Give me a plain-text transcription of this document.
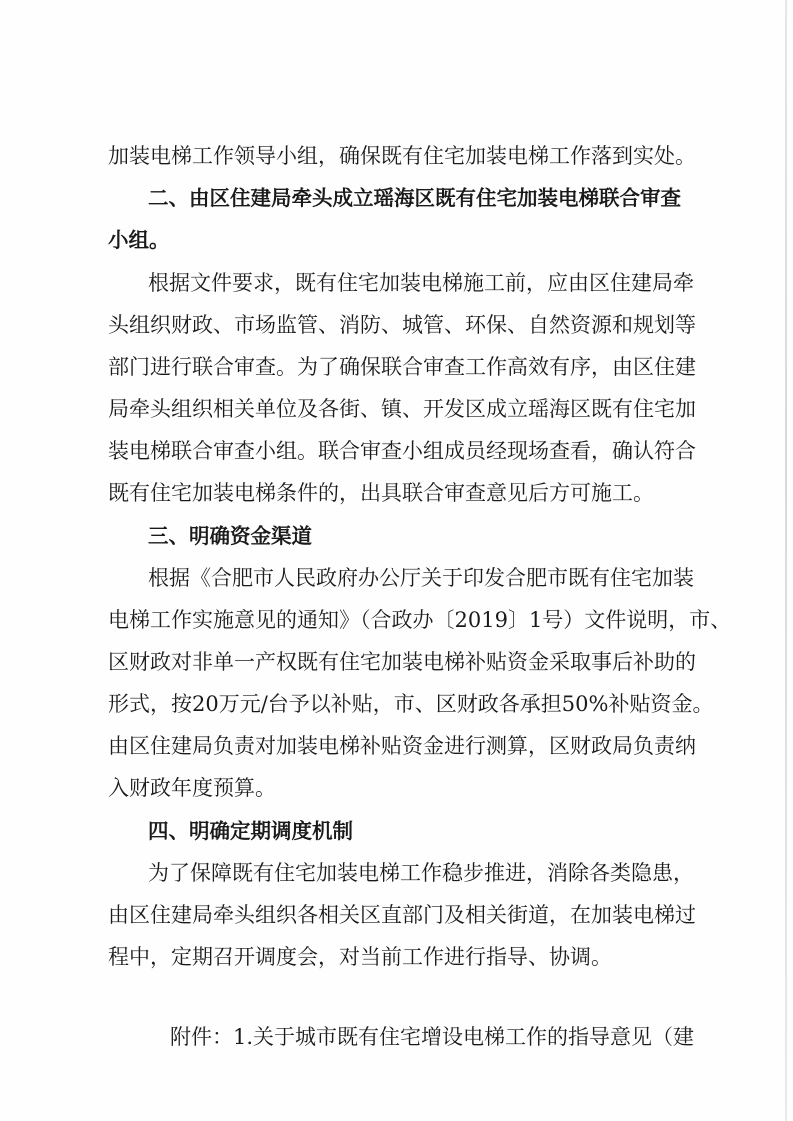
加装电梯工作领导小组，确保既有住宅加装电梯工作落到实处。
二、由区住建局牵头成立瑶海区既有住宅加装电梯联合审查
小组。
根据文件要求，既有住宅加装电梯施工前，应由区住建局牵
头组织财政、市场监管、消防、城管、环保、自然资源和规划等
部门进行联合审查。为了确保联合审查工作高效有序，由区住建
局牵头组织相关单位及各街、镇、开发区成立瑶海区既有住宅加
装电梯联合审查小组。联合审查小组成员经现场查看，确认符合
既有住宅加装电梯条件的，出具联合审查意见后方可施工。
三、明确资金渠道
根据《合肥市人民政府办公厅关于印发合肥市既有住宅加装
电梯工作实施意见的通知》（合政办〔2019〕1号）文件说明，市、
区财政对非单一产权既有住宅加装电梯补贴资金采取事后补助的
形式，按20万元/台予以补贴，市、区财政各承担50%补贴资金。
由区住建局负责对加装电梯补贴资金进行测算，区财政局负责纳
入财政年度预算。
四、明确定期调度机制
为了保障既有住宅加装电梯工作稳步推进，消除各类隐患，
由区住建局牵头组织各相关区直部门及相关街道，在加装电梯过
程中，定期召开调度会，对当前工作进行指导、协调。
附件：1.关于城市既有住宅增设电梯工作的指导意见（建
